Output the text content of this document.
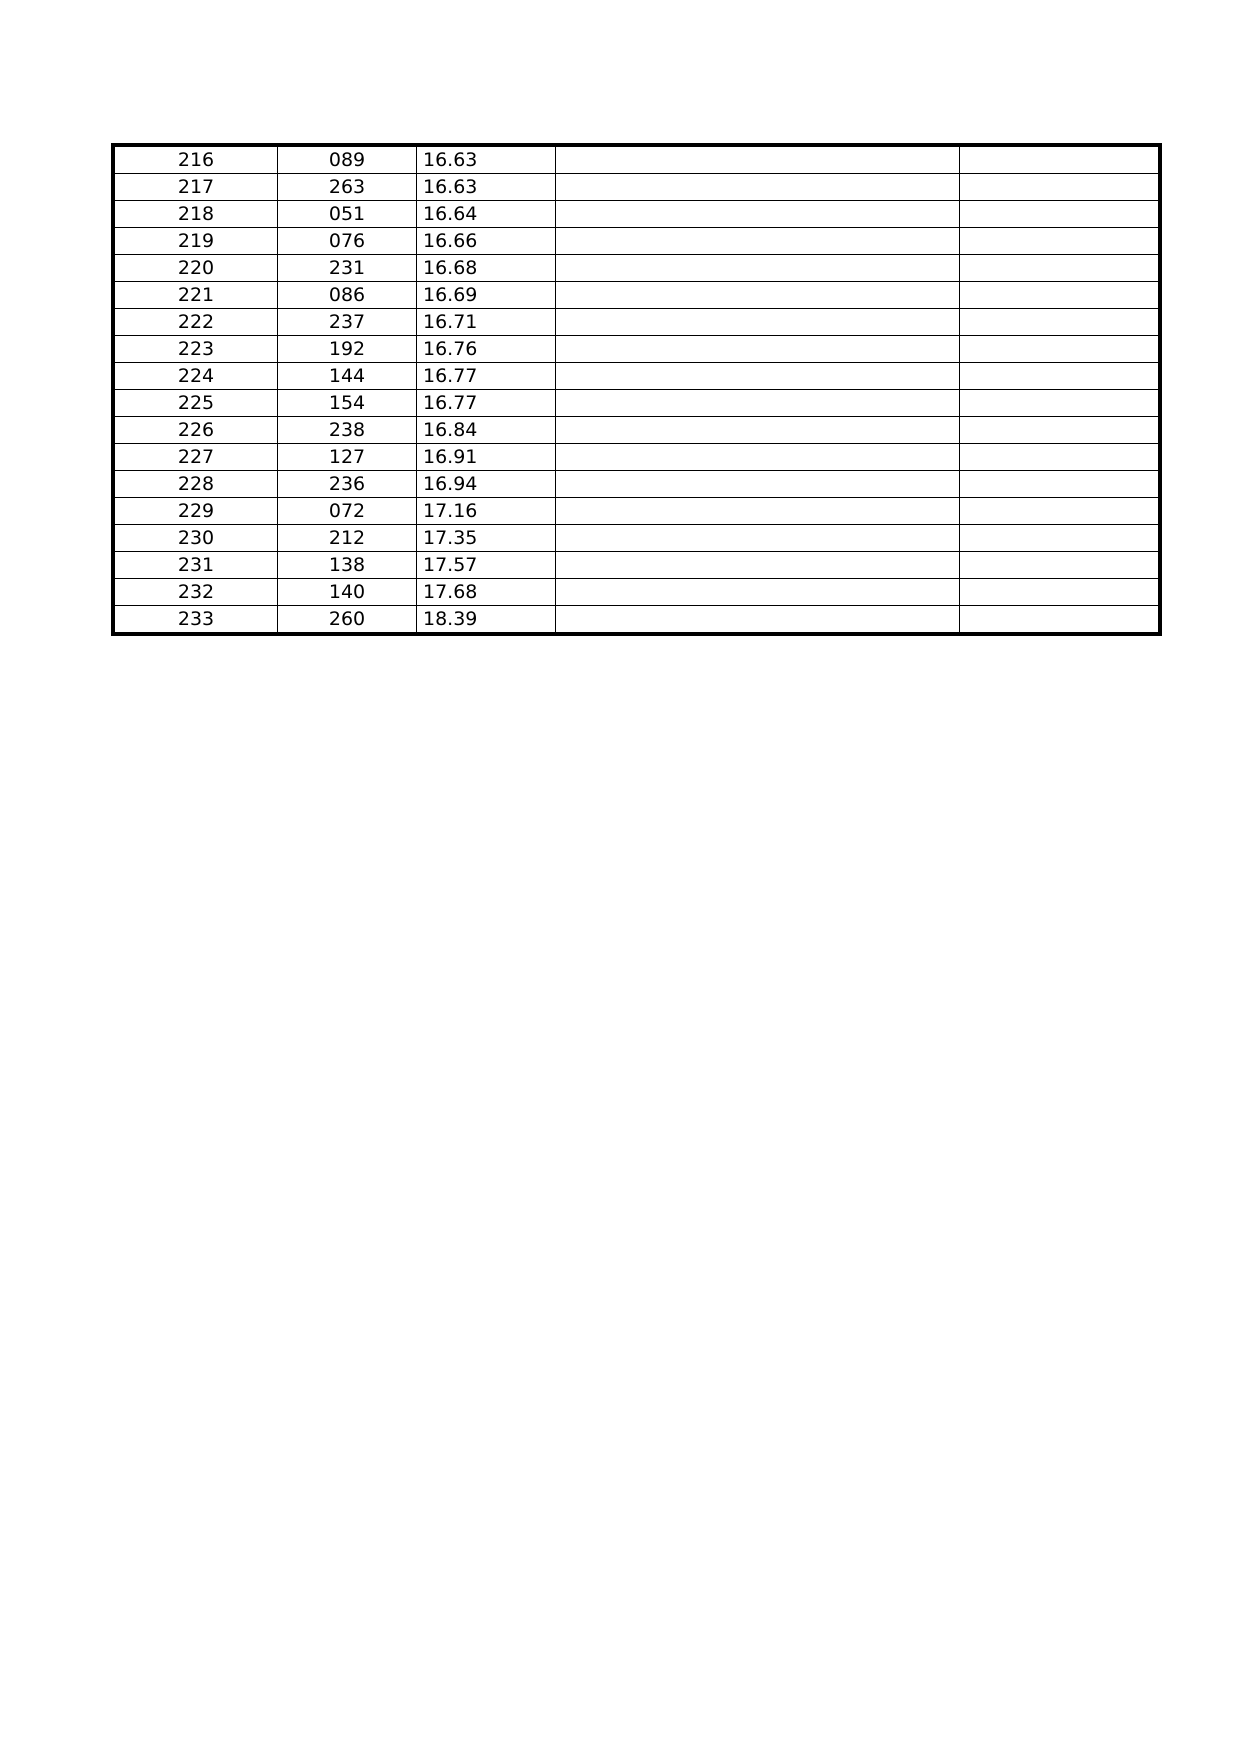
216	089	16.63		
217	263	16.63		
218	051	16.64		
219	076	16.66		
220	231	16.68		
221	086	16.69		
222	237	16.71		
223	192	16.76		
224	144	16.77		
225	154	16.77		
226	238	16.84		
227	127	16.91		
228	236	16.94		
229	072	17.16		
230	212	17.35		
231	138	17.57		
232	140	17.68		
233	260	18.39		
